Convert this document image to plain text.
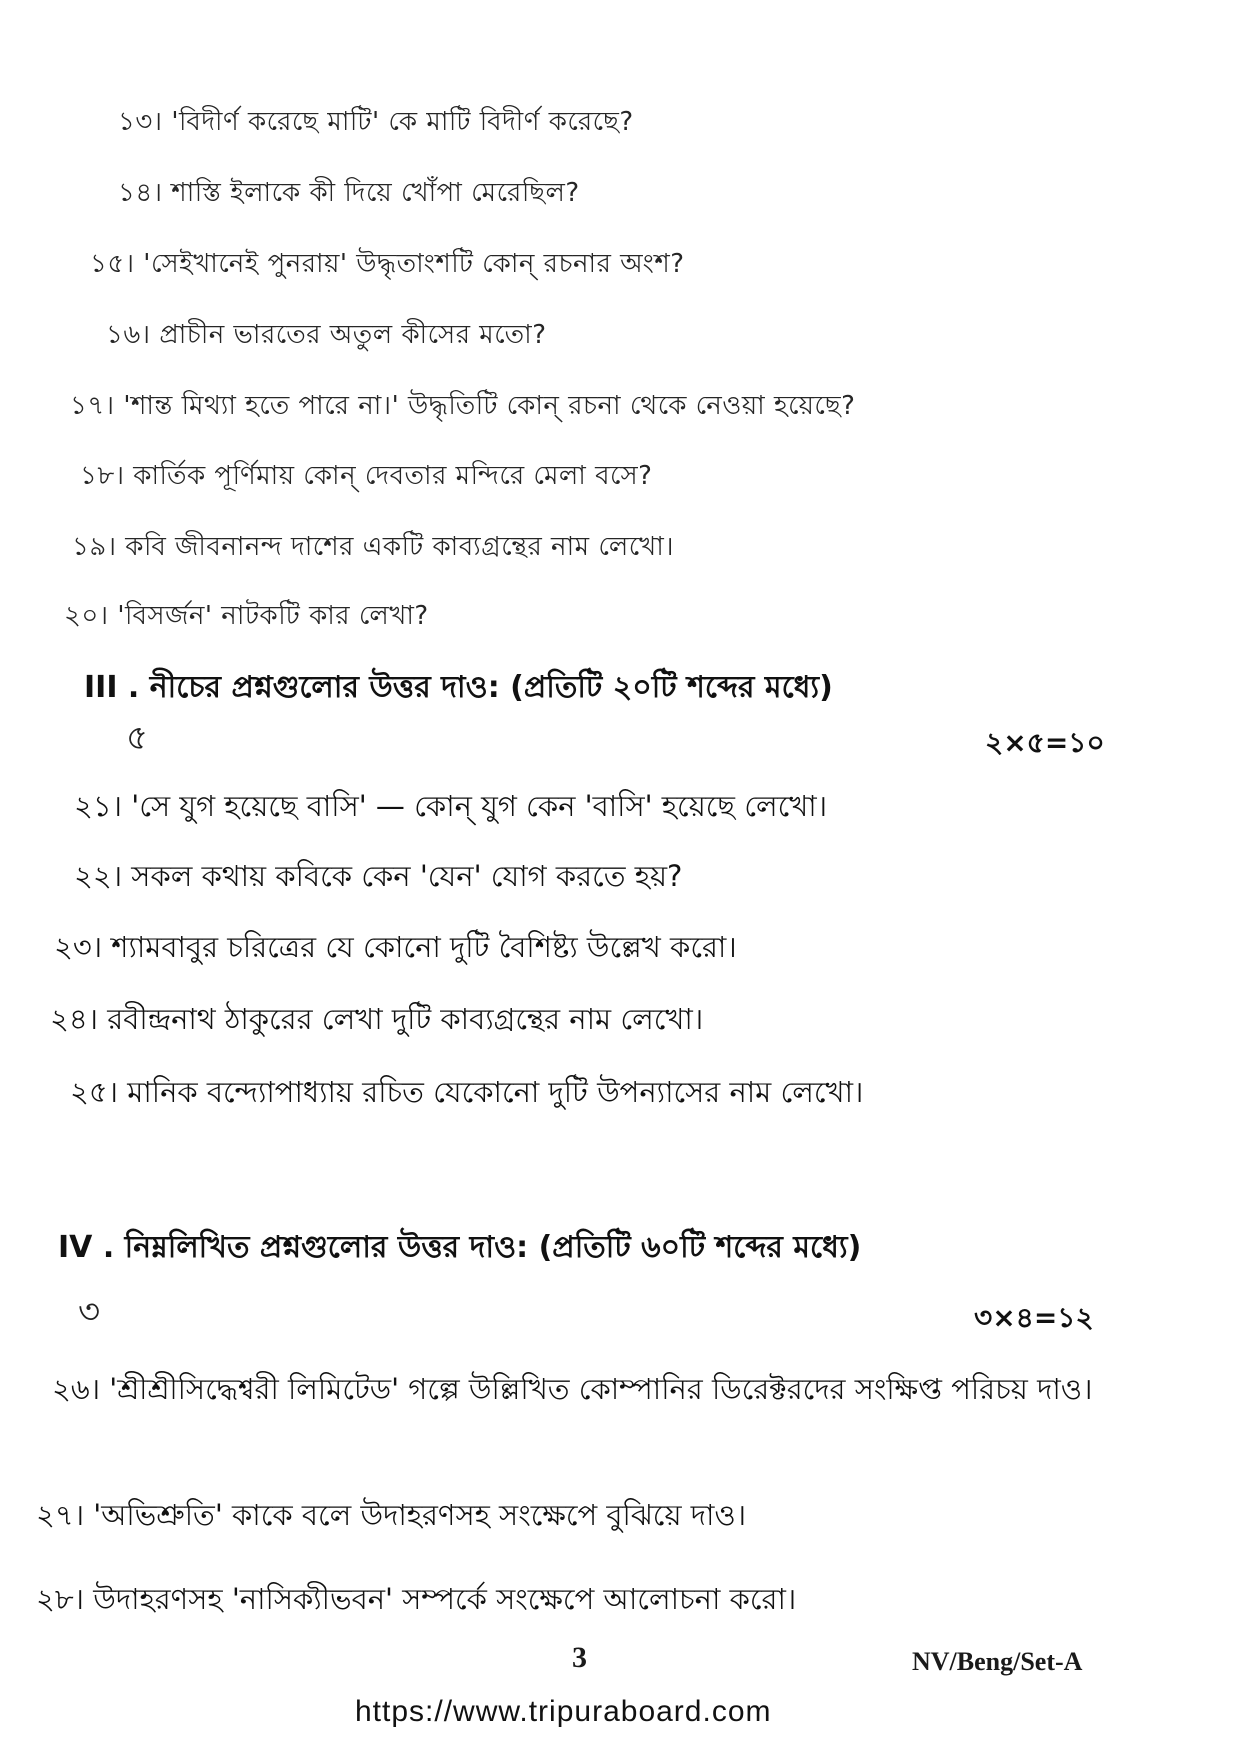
১৩। 'বিদীর্ণ করেছে মাটি' কে মাটি বিদীর্ণ করেছে?
১৪। শাস্তি ইলাকে কী দিয়ে খোঁপা মেরেছিল?
১৫। 'সেইখানেই পুনরায়' উদ্ধৃতাংশটি কোন্ রচনার অংশ?
১৬। প্রাচীন ভারতের অতুল কীসের মতো?
১৭। 'শান্ত মিথ্যা হতে পারে না।' উদ্ধৃতিটি কোন্ রচনা থেকে নেওয়া হয়েছে?
১৮। কার্তিক পূর্ণিমায় কোন্ দেবতার মন্দিরে মেলা বসে?
১৯। কবি জীবনানন্দ দাশের একটি কাব্যগ্রন্থের নাম লেখো।
২০। 'বিসর্জন' নাটকটি কার লেখা?
III . নীচের প্রশ্নগুলোর উত্তর দাও: (প্রতিটি ২০টি শব্দের মধ্যে)
৫	২×৫=১০
২১। 'সে যুগ হয়েছে বাসি' — কোন্ যুগ কেন 'বাসি' হয়েছে লেখো।
২২। সকল কথায় কবিকে কেন 'যেন' যোগ করতে হয়?
২৩। শ্যামবাবুর চরিত্রের যে কোনো দুটি বৈশিষ্ট্য উল্লেখ করো।
২৪। রবীন্দ্রনাথ ঠাকুরের লেখা দুটি কাব্যগ্রন্থের নাম লেখো।
২৫। মানিক বন্দ্যোপাধ্যায় রচিত যেকোনো দুটি উপন্যাসের নাম লেখো।
IV . নিম্নলিখিত প্রশ্নগুলোর উত্তর দাও: (প্রতিটি ৬০টি শব্দের মধ্যে)
৩	৩×৪=১২
২৬। 'শ্রীশ্রীসিদ্ধেশ্বরী লিমিটেড' গল্পে উল্লিখিত কোম্পানির ডিরেক্টরদের সংক্ষিপ্ত পরিচয় দাও।
২৭। 'অভিশ্রুতি' কাকে বলে উদাহরণসহ সংক্ষেপে বুঝিয়ে দাও।
২৮। উদাহরণসহ 'নাসিক্যীভবন' সম্পর্কে সংক্ষেপে আলোচনা করো।
3	NV/Beng/Set-A
https://www.tripuraboard.com
